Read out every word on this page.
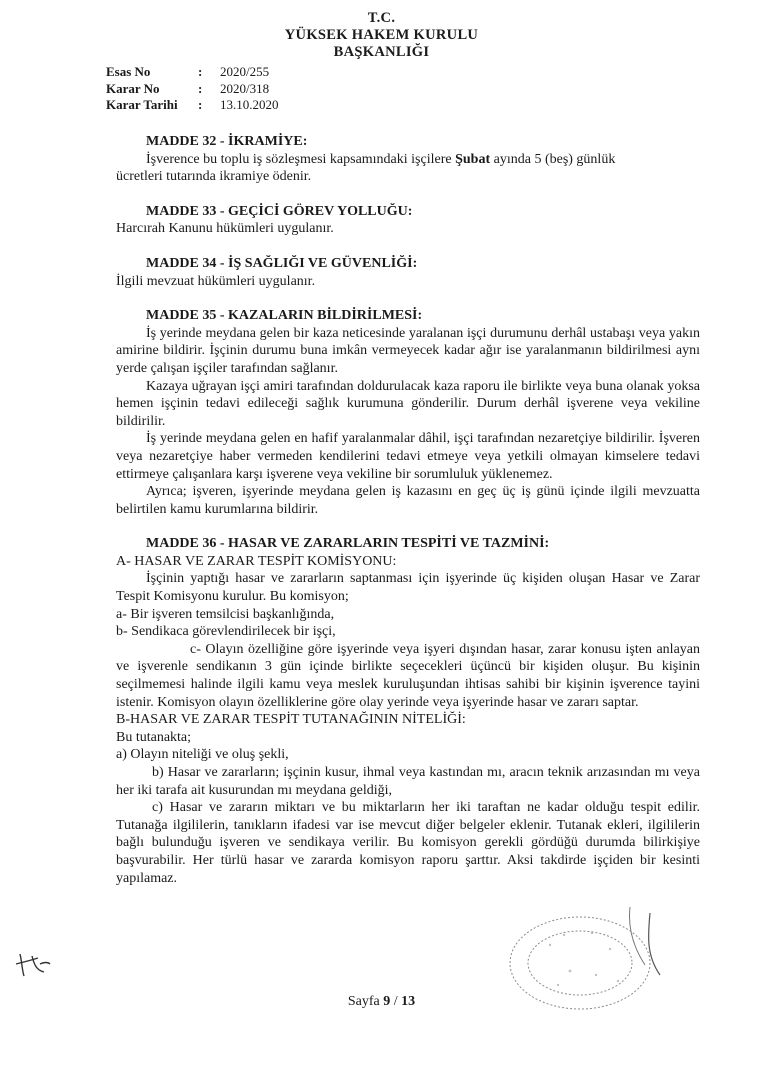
T.C.
YÜKSEK HAKEM KURULU
BAŞKANLIĞI
Esas No	:	2020/255
Karar No	:	2020/318
Karar Tarihi	:	13.10.2020
MADDE 32 - İKRAMİYE:

İşverence bu toplu iş sözleşmesi kapsamındaki işçilere Şubat ayında 5 (beş) günlük

ücretleri tutarında ikramiye ödenir.

MADDE 33 - GEÇİCİ GÖREV YOLLUĞU:

Harcırah Kanunu hükümleri uygulanır.

MADDE 34 - İŞ SAĞLIĞI VE GÜVENLİĞİ:

İlgili mevzuat hükümleri uygulanır.

MADDE 35 - KAZALARIN BİLDİRİLMESİ:

İş yerinde meydana gelen bir kaza neticesinde yaralanan işçi durumunu derhâl ustabaşı veya yakın amirine bildirir. İşçinin durumu buna imkân vermeyecek kadar ağır ise yaralanmanın bildirilmesi aynı yerde çalışan işçiler tarafından sağlanır.

Kazaya uğrayan işçi amiri tarafından doldurulacak kaza raporu ile birlikte veya buna olanak yoksa hemen işçinin tedavi edileceği sağlık kurumuna gönderilir. Durum derhâl işverene veya vekiline bildirilir.

İş yerinde meydana gelen en hafif yaralanmalar dâhil, işçi tarafından nezaretçiye bildirilir. İşveren veya nezaretçiye haber vermeden kendilerini tedavi etmeye veya yetkili olmayan kimselere tedavi ettirmeye çalışanlara karşı işverene veya vekiline bir sorumluluk yüklenemez.

Ayrıca; işveren, işyerinde meydana gelen iş kazasını en geç üç iş günü içinde ilgili mevzuatta belirtilen kamu kurumlarına bildirir.

MADDE 36 - HASAR VE ZARARLARIN TESPİTİ VE TAZMİNİ:

A- HASAR VE ZARAR TESPİT KOMİSYONU:

İşçinin yaptığı hasar ve zararların saptanması için işyerinde üç kişiden oluşan Hasar ve Zarar Tespit Komisyonu kurulur. Bu komisyon;

a- Bir işveren temsilcisi başkanlığında,

b- Sendikaca görevlendirilecek bir işçi,

c- Olayın özelliğine göre işyerinde veya işyeri dışından hasar, zarar konusu işten anlayan ve işverenle sendikanın 3 gün içinde birlikte seçecekleri üçüncü bir kişiden oluşur. Bu kişinin seçilmemesi halinde ilgili kamu veya meslek kuruluşundan ihtisas sahibi bir kişinin işverence tayini istenir. Komisyon olayın özelliklerine göre olay yerinde veya işyerinde hasar ve zararı saptar.

B-HASAR VE ZARAR TESPİT TUTANAĞININ NİTELİĞİ:

Bu tutanakta;

a) Olayın niteliği ve oluş şekli,

b) Hasar ve zararların; işçinin kusur, ihmal veya kastından mı, aracın teknik arızasından mı veya her iki tarafa ait kusurundan mı meydana geldiği,

c) Hasar ve zararın miktarı ve bu miktarların her iki taraftan ne kadar olduğu tespit edilir. Tutanağa ilgililerin, tanıkların ifadesi var ise mevcut diğer belgeler eklenir. Tutanak ekleri, ilgililerin bağlı bulunduğu işveren ve sendikaya verilir. Bu komisyon gerekli gördüğü durumda bilirkişiye başvurabilir. Her türlü hasar ve zararda komisyon raporu şarttır. Aksi takdirde işçiden bir kesinti yapılamaz.

Sayfa 9 / 13
